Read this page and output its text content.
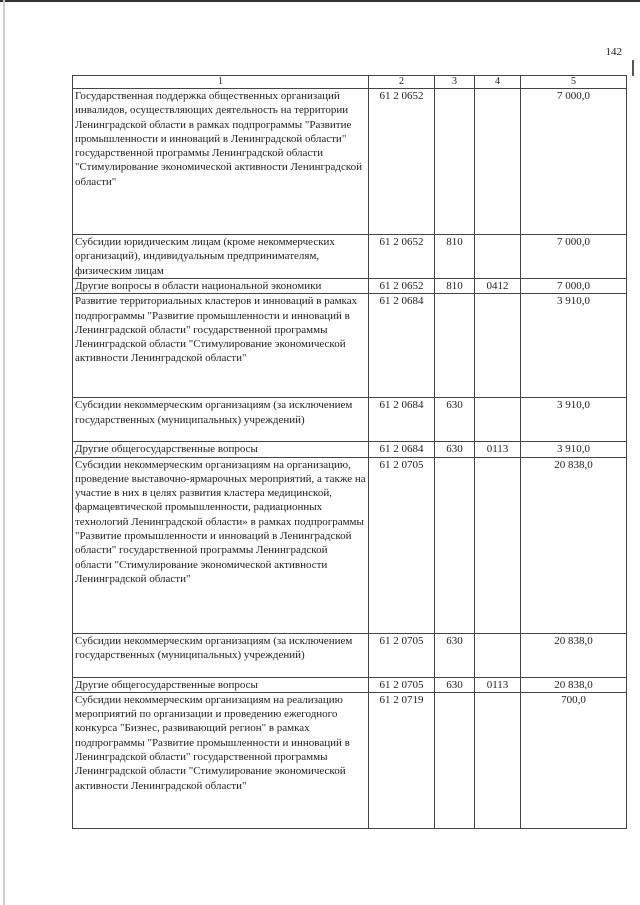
142
1	2	3	4	5
Государственная поддержка общественных организаций инвалидов, осуществляющих деятельность на территории Ленинградской области в рамках подпрограммы "Развитие промышленности и инноваций в Ленинградской области" государственной программы Ленинградской области "Стимулирование экономической активности Ленинградской области"	61 2 0652			7 000,0
Субсидии юридическим лицам (кроме некоммерческих организаций), индивидуальным предпринимателям, физическим лицам	61 2 0652	810		7 000,0
Другие вопросы в области национальной экономики	61 2 0652	810	0412	7 000,0
Развитие территориальных кластеров и инноваций в рамках подпрограммы "Развитие промышленности и инноваций в Ленинградской области" государственной программы Ленинградской области "Стимулирование экономической активности Ленинградской области"	61 2 0684			3 910,0
Субсидии некоммерческим организациям (за исключением государственных (муниципальных) учреждений)	61 2 0684	630		3 910,0
Другие общегосударственные вопросы	61 2 0684	630	0113	3 910,0
Субсидии некоммерческим организациям на организацию, проведение выставочно-ярмарочных мероприятий, а также на участие в них в целях развития кластера медицинской, фармацевтической промышленности, радиационных технологий Ленинградской области» в рамках подпрограммы "Развитие промышленности и инноваций в Ленинградской области" государственной программы Ленинградской области "Стимулирование экономической активности Ленинградской области"	61 2 0705			20 838,0
Субсидии некоммерческим организациям (за исключением государственных (муниципальных) учреждений)	61 2 0705	630		20 838,0
Другие общегосударственные вопросы	61 2 0705	630	0113	20 838,0
Субсидии некоммерческим организациям на реализацию мероприятий по организации и проведению ежегодного конкурса "Бизнес, развивающий регион" в рамках подпрограммы "Развитие промышленности и инноваций в Ленинградской области" государственной программы Ленинградской области "Стимулирование экономической активности Ленинградской области"	61 2 0719			700,0
